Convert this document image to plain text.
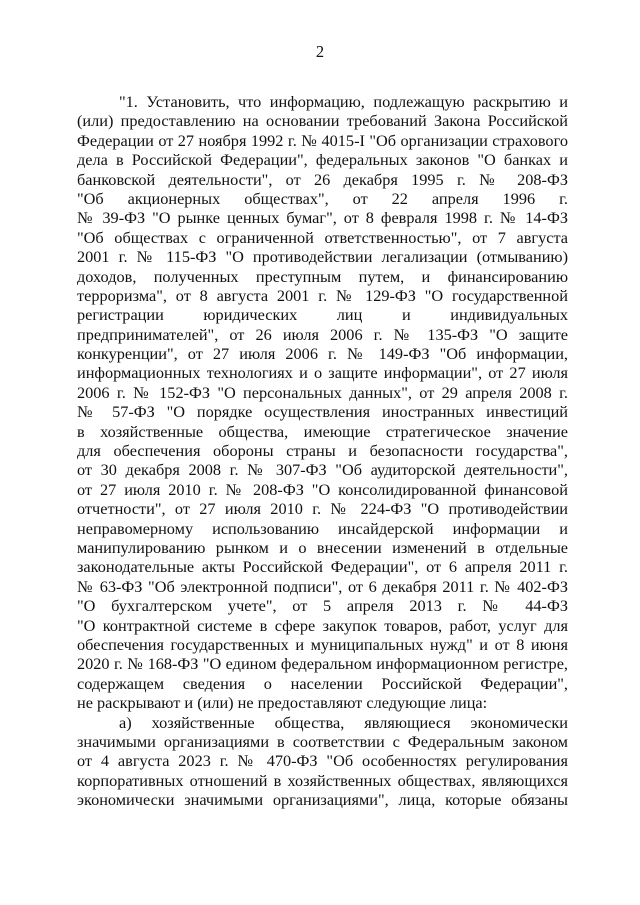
2
"1. Установить, что информацию, подлежащую раскрытию и
(или) предоставлению на основании требований Закона Российской
Федерации от 27 ноября 1992 г. № 4015-I "Об организации страхового
дела в Российской Федерации", федеральных законов "О банках и
банковской деятельности", от 26 декабря 1995 г. № 208-ФЗ
"Об акционерных обществах", от 22 апреля 1996 г.
№ 39-ФЗ "О рынке ценных бумаг", от 8 февраля 1998 г. № 14-ФЗ
"Об обществах с ограниченной ответственностью", от 7 августа
2001 г. № 115-ФЗ "О противодействии легализации (отмыванию)
доходов, полученных преступным путем, и финансированию
терроризма", от 8 августа 2001 г. № 129-ФЗ "О государственной
регистрации юридических лиц и индивидуальных
предпринимателей", от 26 июля 2006 г. № 135-ФЗ "О защите
конкуренции", от 27 июля 2006 г. № 149-ФЗ "Об информации,
информационных технологиях и о защите информации", от 27 июля
2006 г. № 152-ФЗ "О персональных данных", от 29 апреля 2008 г.
№ 57-ФЗ "О порядке осуществления иностранных инвестиций
в хозяйственные общества, имеющие стратегическое значение
для обеспечения обороны страны и безопасности государства",
от 30 декабря 2008 г. № 307-ФЗ "Об аудиторской деятельности",
от 27 июля 2010 г. № 208-ФЗ "О консолидированной финансовой
отчетности", от 27 июля 2010 г. № 224-ФЗ "О противодействии
неправомерному использованию инсайдерской информации и
манипулированию рынком и о внесении изменений в отдельные
законодательные акты Российской Федерации", от 6 апреля 2011 г.
№ 63-ФЗ "Об электронной подписи", от 6 декабря 2011 г. № 402-ФЗ
"О бухгалтерском учете", от 5 апреля 2013 г. № 44-ФЗ
"О контрактной системе в сфере закупок товаров, работ, услуг для
обеспечения государственных и муниципальных нужд" и от 8 июня
2020 г. № 168-ФЗ "О едином федеральном информационном регистре,
содержащем сведения о населении Российской Федерации",
не раскрывают и (или) не предоставляют следующие лица:
а) хозяйственные общества, являющиеся экономически
значимыми организациями в соответствии с Федеральным законом
от 4 августа 2023 г. № 470-ФЗ "Об особенностях регулирования
корпоративных отношений в хозяйственных обществах, являющихся
экономически значимыми организациями", лица, которые обязаны
